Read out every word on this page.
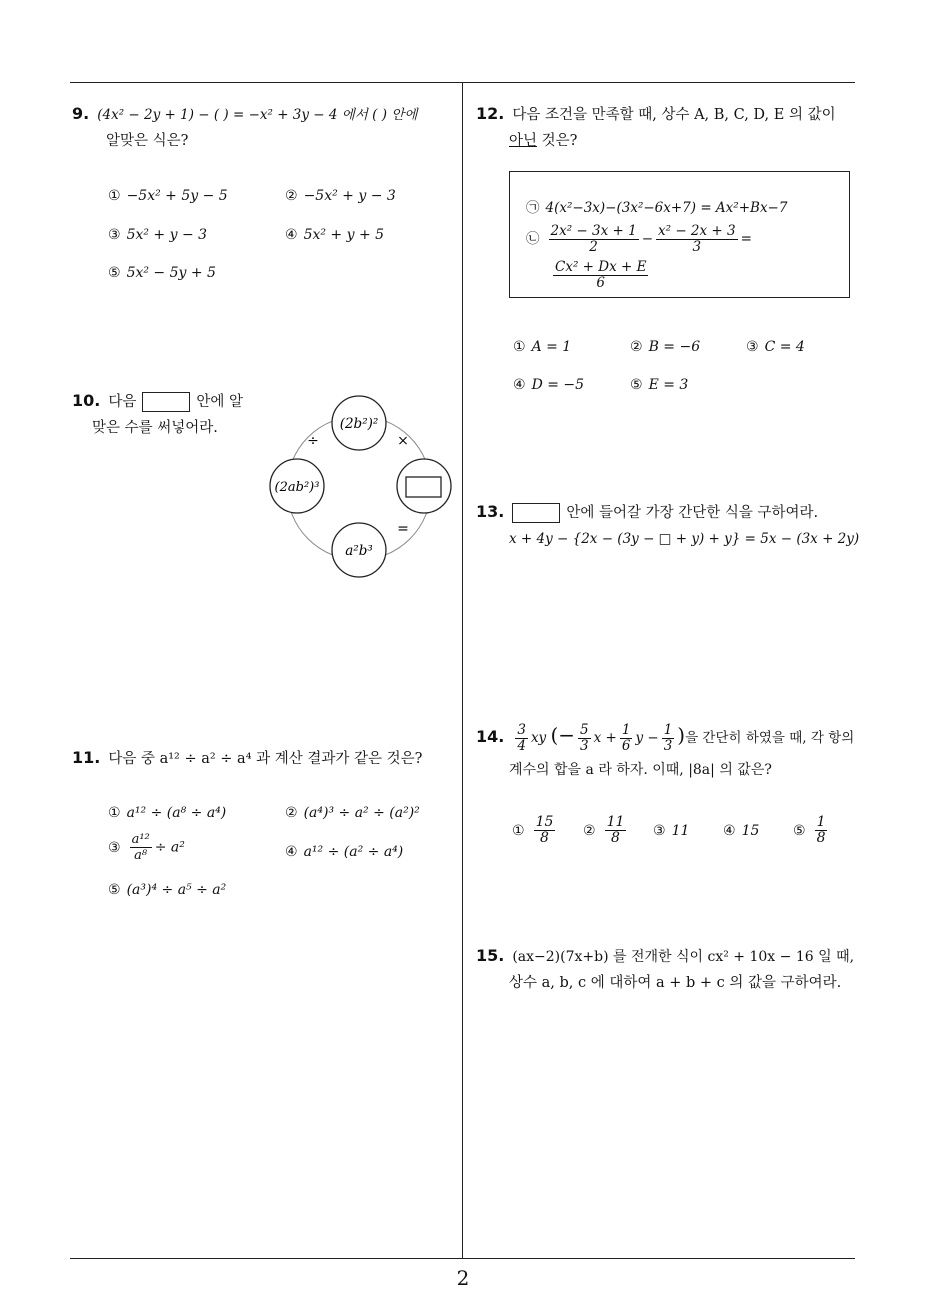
9. (4x² − 2y + 1) − ( ) = −x² + 3y − 4 에서 ( ) 안에
알맞은 식은?
① −5x² + 5y − 5	② −5x² + y − 3
③ 5x² + y − 3	④ 5x² + y + 5
⑤ 5x² − 5y + 5
10. 다음	안에 알
맞은 수를 써넣어라.	(2b²)²
(2ab²)³
a²b³
÷	×
=
11. 다음 중 a¹² ÷ a² ÷ a⁴ 과 계산 결과가 같은 것은?
① a¹² ÷ (a⁸ ÷ a⁴)	② (a⁴)³ ÷ a² ÷ (a²)²
③ $\frac{\text{a¹²}}{\text{a⁸}} \div a^2$	④ a¹² ÷ (a² ÷ a⁴)
⑤ (a³)⁴ ÷ a⁵ ÷ a²
12. 다음 조건을 만족할 때, 상수 A, B, C, D, E 의 값이
아닌 것은?
㉠ 4(x²−3x)−(3x²−6x+7) = Ax²+Bx−7
㉡ $\frac{\text{2x² − 3x + 1}}{2} - \frac{\text{x² − 2x + 3}}{3}$ =
$\frac{\text{Cx² + Dx + E}}{6}$
① A = 1	② B = −6	③ C = 4
④ D = −5	⑤ E = 3
13.	안에 들어갈 가장 간단한 식을 구하여라.
x + 4y − {2x − (3y − □ + y) + y} = 5x − (3x + 2y)
14. $\frac{3}{4}$ xy (− $\frac{5}{3}$ $x + \frac{1}{6}$ $y - \frac{1}{3}$ )을 간단히 하였을 때, 각 항의
계수의 합을 a 라 하자. 이때, |8a| 의 값은?
① $\frac{15}{8}$ ② $\frac{11}{8}$ ③ 11 ④ 15 ⑤ $\frac{1}{8}$
15. (ax−2)(7x+b) 를 전개한 식이 cx² + 10x − 16 일 때,
상수 a, b, c 에 대하여 a + b + c 의 값을 구하여라.
2
